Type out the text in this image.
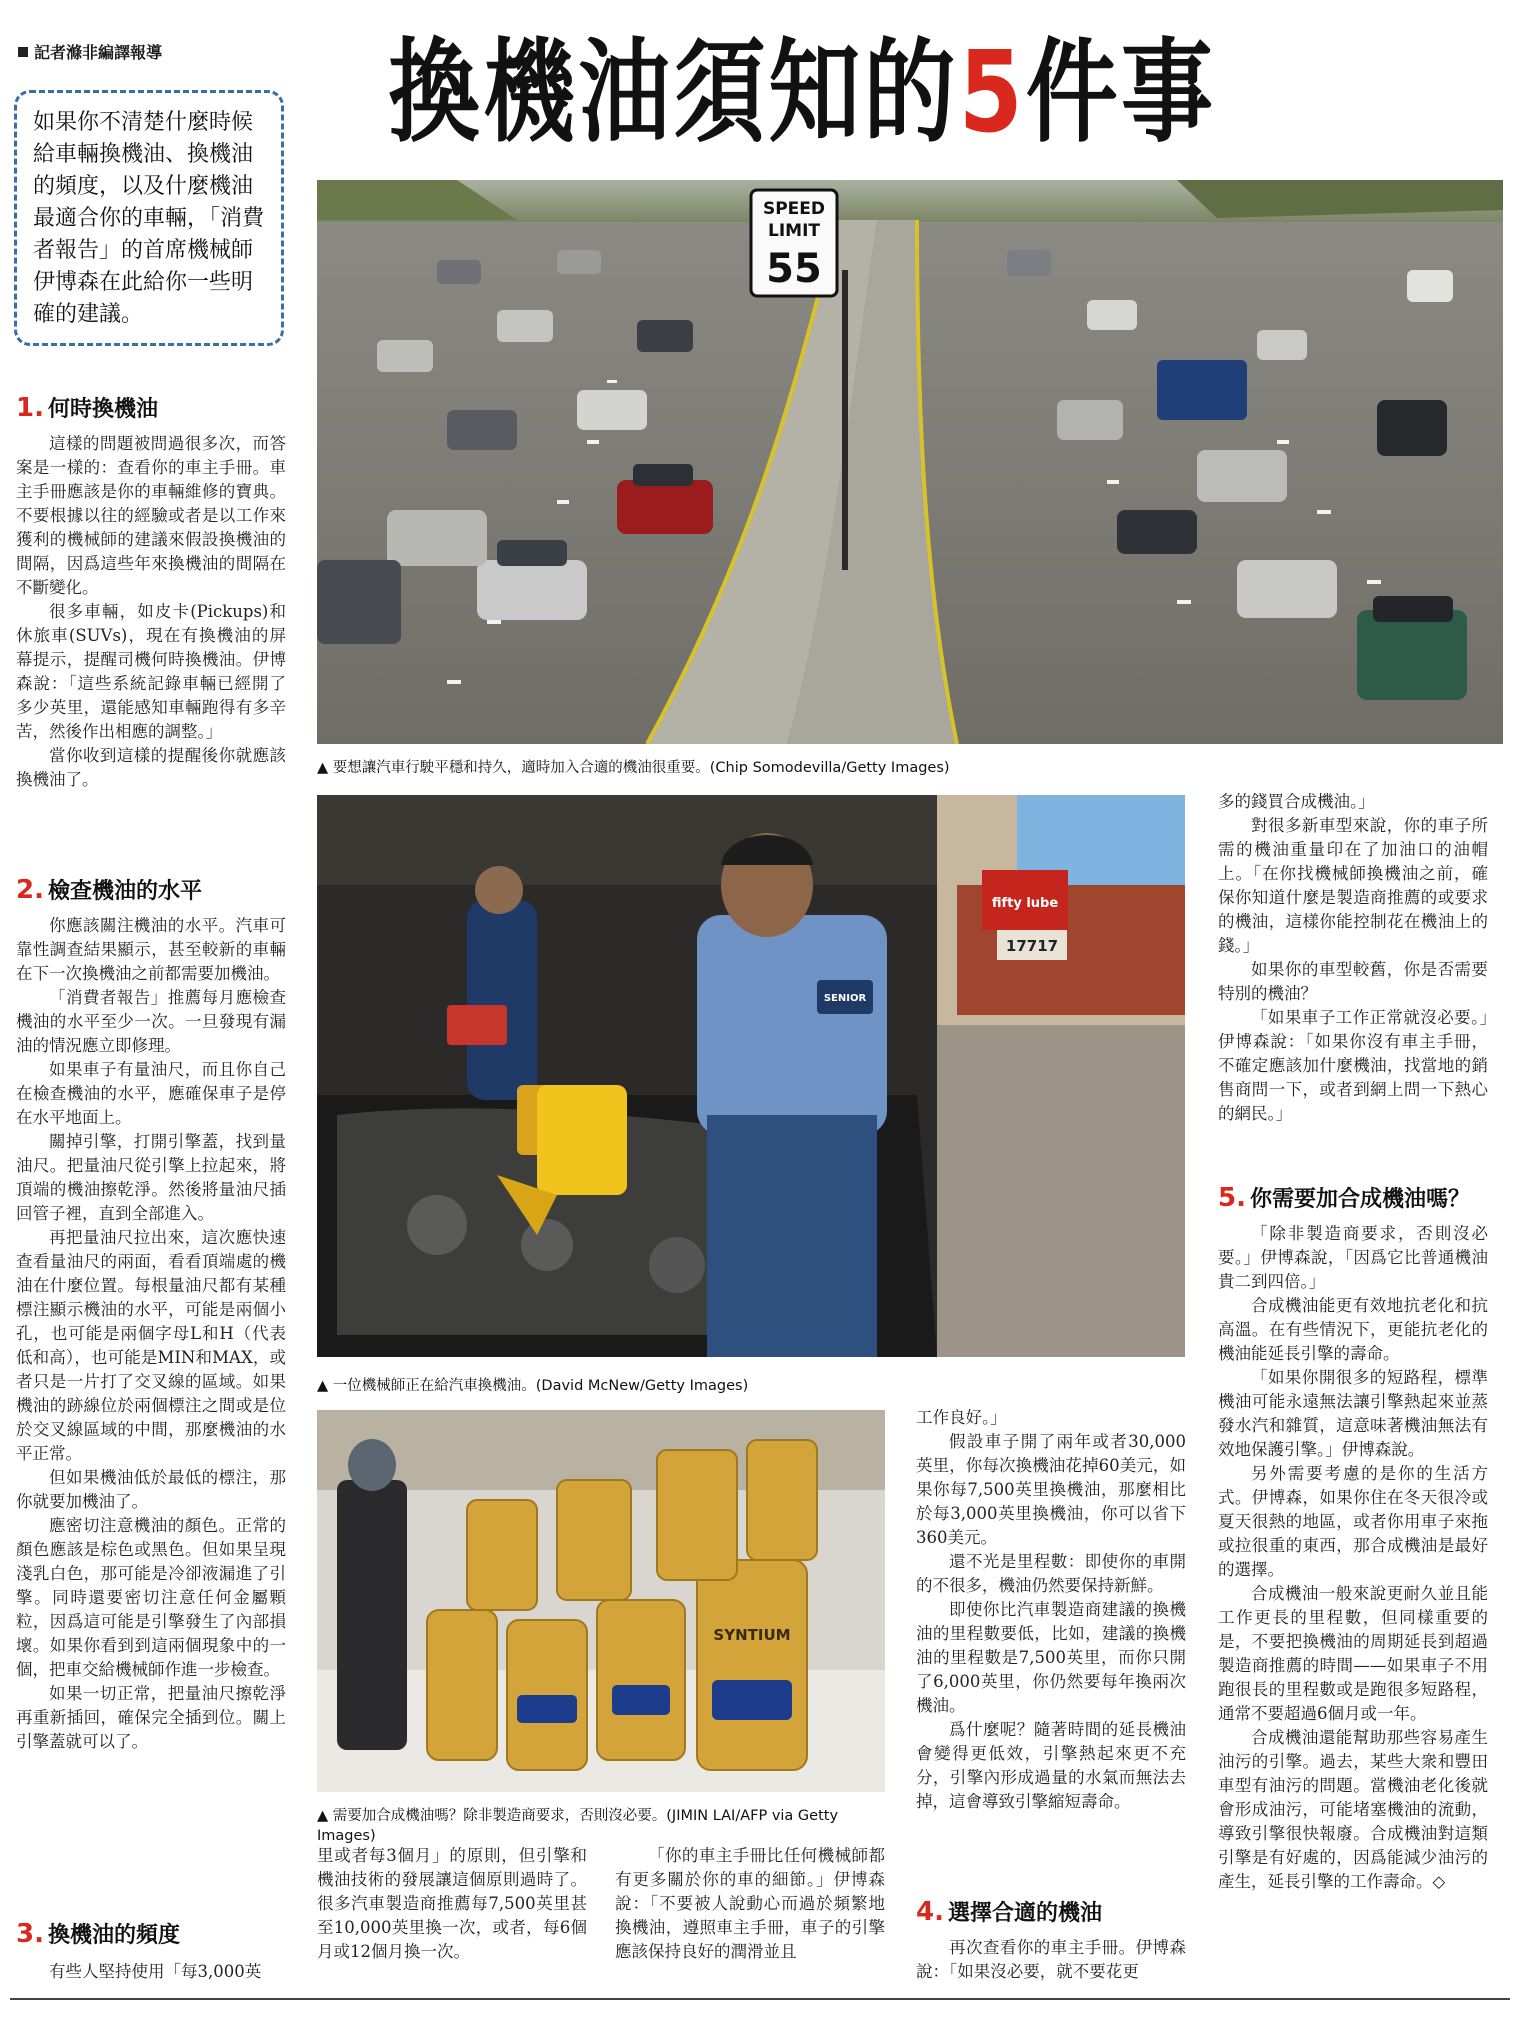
記者滌非編譯報導 換機油須知的5件事
如果你不清楚什麼時候給車輛換機油、換機油的頻度，以及什麼機油最適合你的車輛，「消費者報告」的首席機械師伊博森在此給你一些明確的建議。
SPEED
LIMIT
55
▲ 要想讓汽車行駛平穩和持久，適時加入合適的機油很重要。(Chip Somodevilla/Getty Images)
fifty lube
17717
SENIOR
▲ 一位機械師正在給汽車換機油。(David McNew/Getty Images)
SYNTIUM
▲ 需要加合成機油嗎？除非製造商要求，否則沒必要。(JIMIN LAI/AFP via Getty Images)
1. 何時換機油

這樣的問題被問過很多次，而答案是一樣的：查看你的車主手冊。車主手冊應該是你的車輛維修的寶典。不要根據以往的經驗或者是以工作來獲利的機械師的建議來假設換機油的間隔，因爲這些年來換機油的間隔在不斷變化。

很多車輛，如皮卡(Pickups)和休旅車(SUVs)，現在有換機油的屏幕提示，提醒司機何時換機油。伊博森說：「這些系統記錄車輛已經開了多少英里，還能感知車輛跑得有多辛苦，然後作出相應的調整。」

當你收到這樣的提醒後你就應該換機油了。

2. 檢查機油的水平

你應該關注機油的水平。汽車可靠性調查結果顯示，甚至較新的車輛在下一次換機油之前都需要加機油。

「消費者報告」推薦每月應檢查機油的水平至少一次。一旦發現有漏油的情況應立即修理。

如果車子有量油尺，而且你自己在檢查機油的水平，應確保車子是停在水平地面上。

關掉引擎，打開引擎蓋，找到量油尺。把量油尺從引擎上拉起來，將頂端的機油擦乾淨。然後將量油尺插回管子裡，直到全部進入。

再把量油尺拉出來，這次應快速查看量油尺的兩面，看看頂端處的機油在什麼位置。每根量油尺都有某種標注顯示機油的水平，可能是兩個小孔，也可能是兩個字母L和H（代表低和高），也可能是MIN和MAX，或者只是一片打了交叉線的區域。如果機油的跡線位於兩個標注之間或是位於交叉線區域的中間，那麼機油的水平正常。

但如果機油低於最低的標注，那你就要加機油了。

應密切注意機油的顏色。正常的顏色應該是棕色或黑色。但如果呈現淺乳白色，那可能是冷卻液漏進了引擎。同時還要密切注意任何金屬顆粒，因爲這可能是引擎發生了內部損壞。如果你看到到這兩個現象中的一個，把車交給機械師作進一步檢查。

如果一切正常，把量油尺擦乾淨再重新插回，確保完全插到位。關上引擎蓋就可以了。

3. 換機油的頻度

有些人堅持使用「每3,000英

里或者每3個月」的原則，但引擎和機油技術的發展讓這個原則過時了。很多汽車製造商推薦每7,500英里甚至10,000英里換一次，或者，每6個月或12個月換一次。

「你的車主手冊比任何機械師都有更多關於你的車的細節。」伊博森說：「不要被人說動心而過於頻繁地換機油，遵照車主手冊，車子的引擎應該保持良好的潤滑並且

工作良好。」

假設車子開了兩年或者30,000英里，你每次換機油花掉60美元，如果你每7,500英里換機油，那麼相比於每3,000英里換機油，你可以省下360美元。

還不光是里程數：即使你的車開的不很多，機油仍然要保持新鮮。

即使你比汽車製造商建議的換機油的里程數要低，比如，建議的換機油的里程數是7,500英里，而你只開了6,000英里，你仍然要每年換兩次機油。

爲什麼呢？隨著時間的延長機油會變得更低效，引擎熱起來更不充分，引擎內形成過量的水氣而無法去掉，這會導致引擎縮短壽命。

4. 選擇合適的機油

再次查看你的車主手冊。伊博森說：「如果沒必要，就不要花更

多的錢買合成機油。」

對很多新車型來說，你的車子所需的機油重量印在了加油口的油帽上。「在你找機械師換機油之前，確保你知道什麼是製造商推薦的或要求的機油，這樣你能控制花在機油上的錢。」

如果你的車型較舊，你是否需要特別的機油？

「如果車子工作正常就沒必要。」伊博森說：「如果你沒有車主手冊，不確定應該加什麼機油，找當地的銷售商問一下，或者到網上問一下熱心的網民。」

5. 你需要加合成機油嗎？

「除非製造商要求，否則沒必要。」伊博森說，「因爲它比普通機油貴二到四倍。」

合成機油能更有效地抗老化和抗高溫。在有些情況下，更能抗老化的機油能延長引擎的壽命。

「如果你開很多的短路程，標準機油可能永遠無法讓引擎熱起來並蒸發水汽和雜質，這意味著機油無法有效地保護引擎。」伊博森說。

另外需要考慮的是你的生活方式。伊博森，如果你住在冬天很冷或夏天很熱的地區，或者你用車子來拖或拉很重的東西，那合成機油是最好的選擇。

合成機油一般來說更耐久並且能工作更長的里程數，但同樣重要的是，不要把換機油的周期延長到超過製造商推薦的時間——如果車子不用跑很長的里程數或是跑很多短路程，通常不要超過6個月或一年。

合成機油還能幫助那些容易產生油污的引擎。過去，某些大衆和豐田車型有油污的問題。當機油老化後就會形成油污，可能堵塞機油的流動，導致引擎很快報廢。合成機油對這類引擎是有好處的，因爲能減少油污的產生，延長引擎的工作壽命。◇
